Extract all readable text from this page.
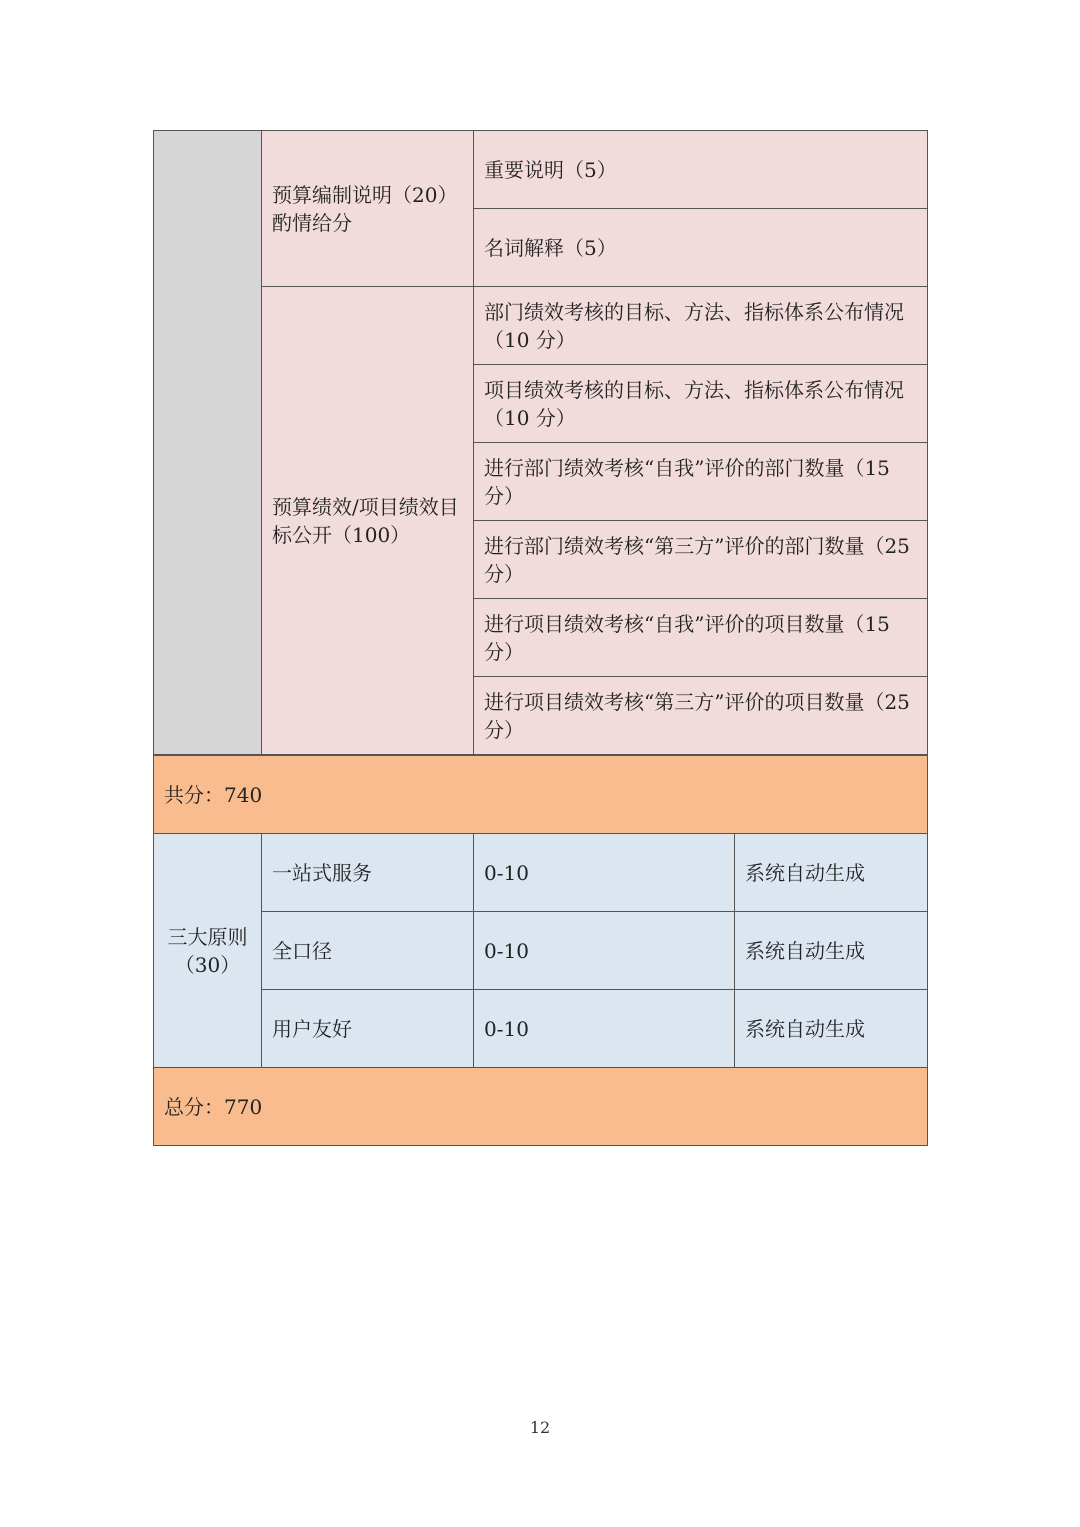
	预算编制说明（20）酌情给分	重要说明（5）
		名词解释（5）
	预算绩效/项目绩效目标公开（100）	部门绩效考核的目标、方法、指标体系公布情况（10 分）
		项目绩效考核的目标、方法、指标体系公布情况（10 分）
		进行部门绩效考核“自我”评价的部门数量（15 分）
		进行部门绩效考核“第三方”评价的部门数量（25 分）
		进行项目绩效考核“自我”评价的项目数量（15 分）
		进行项目绩效考核“第三方”评价的项目数量（25 分）
共分：740			
三大原则（30）	一站式服务	0-10	系统自动生成
	全口径	0-10	系统自动生成
	用户友好	0-10	系统自动生成
总分：770			
12
